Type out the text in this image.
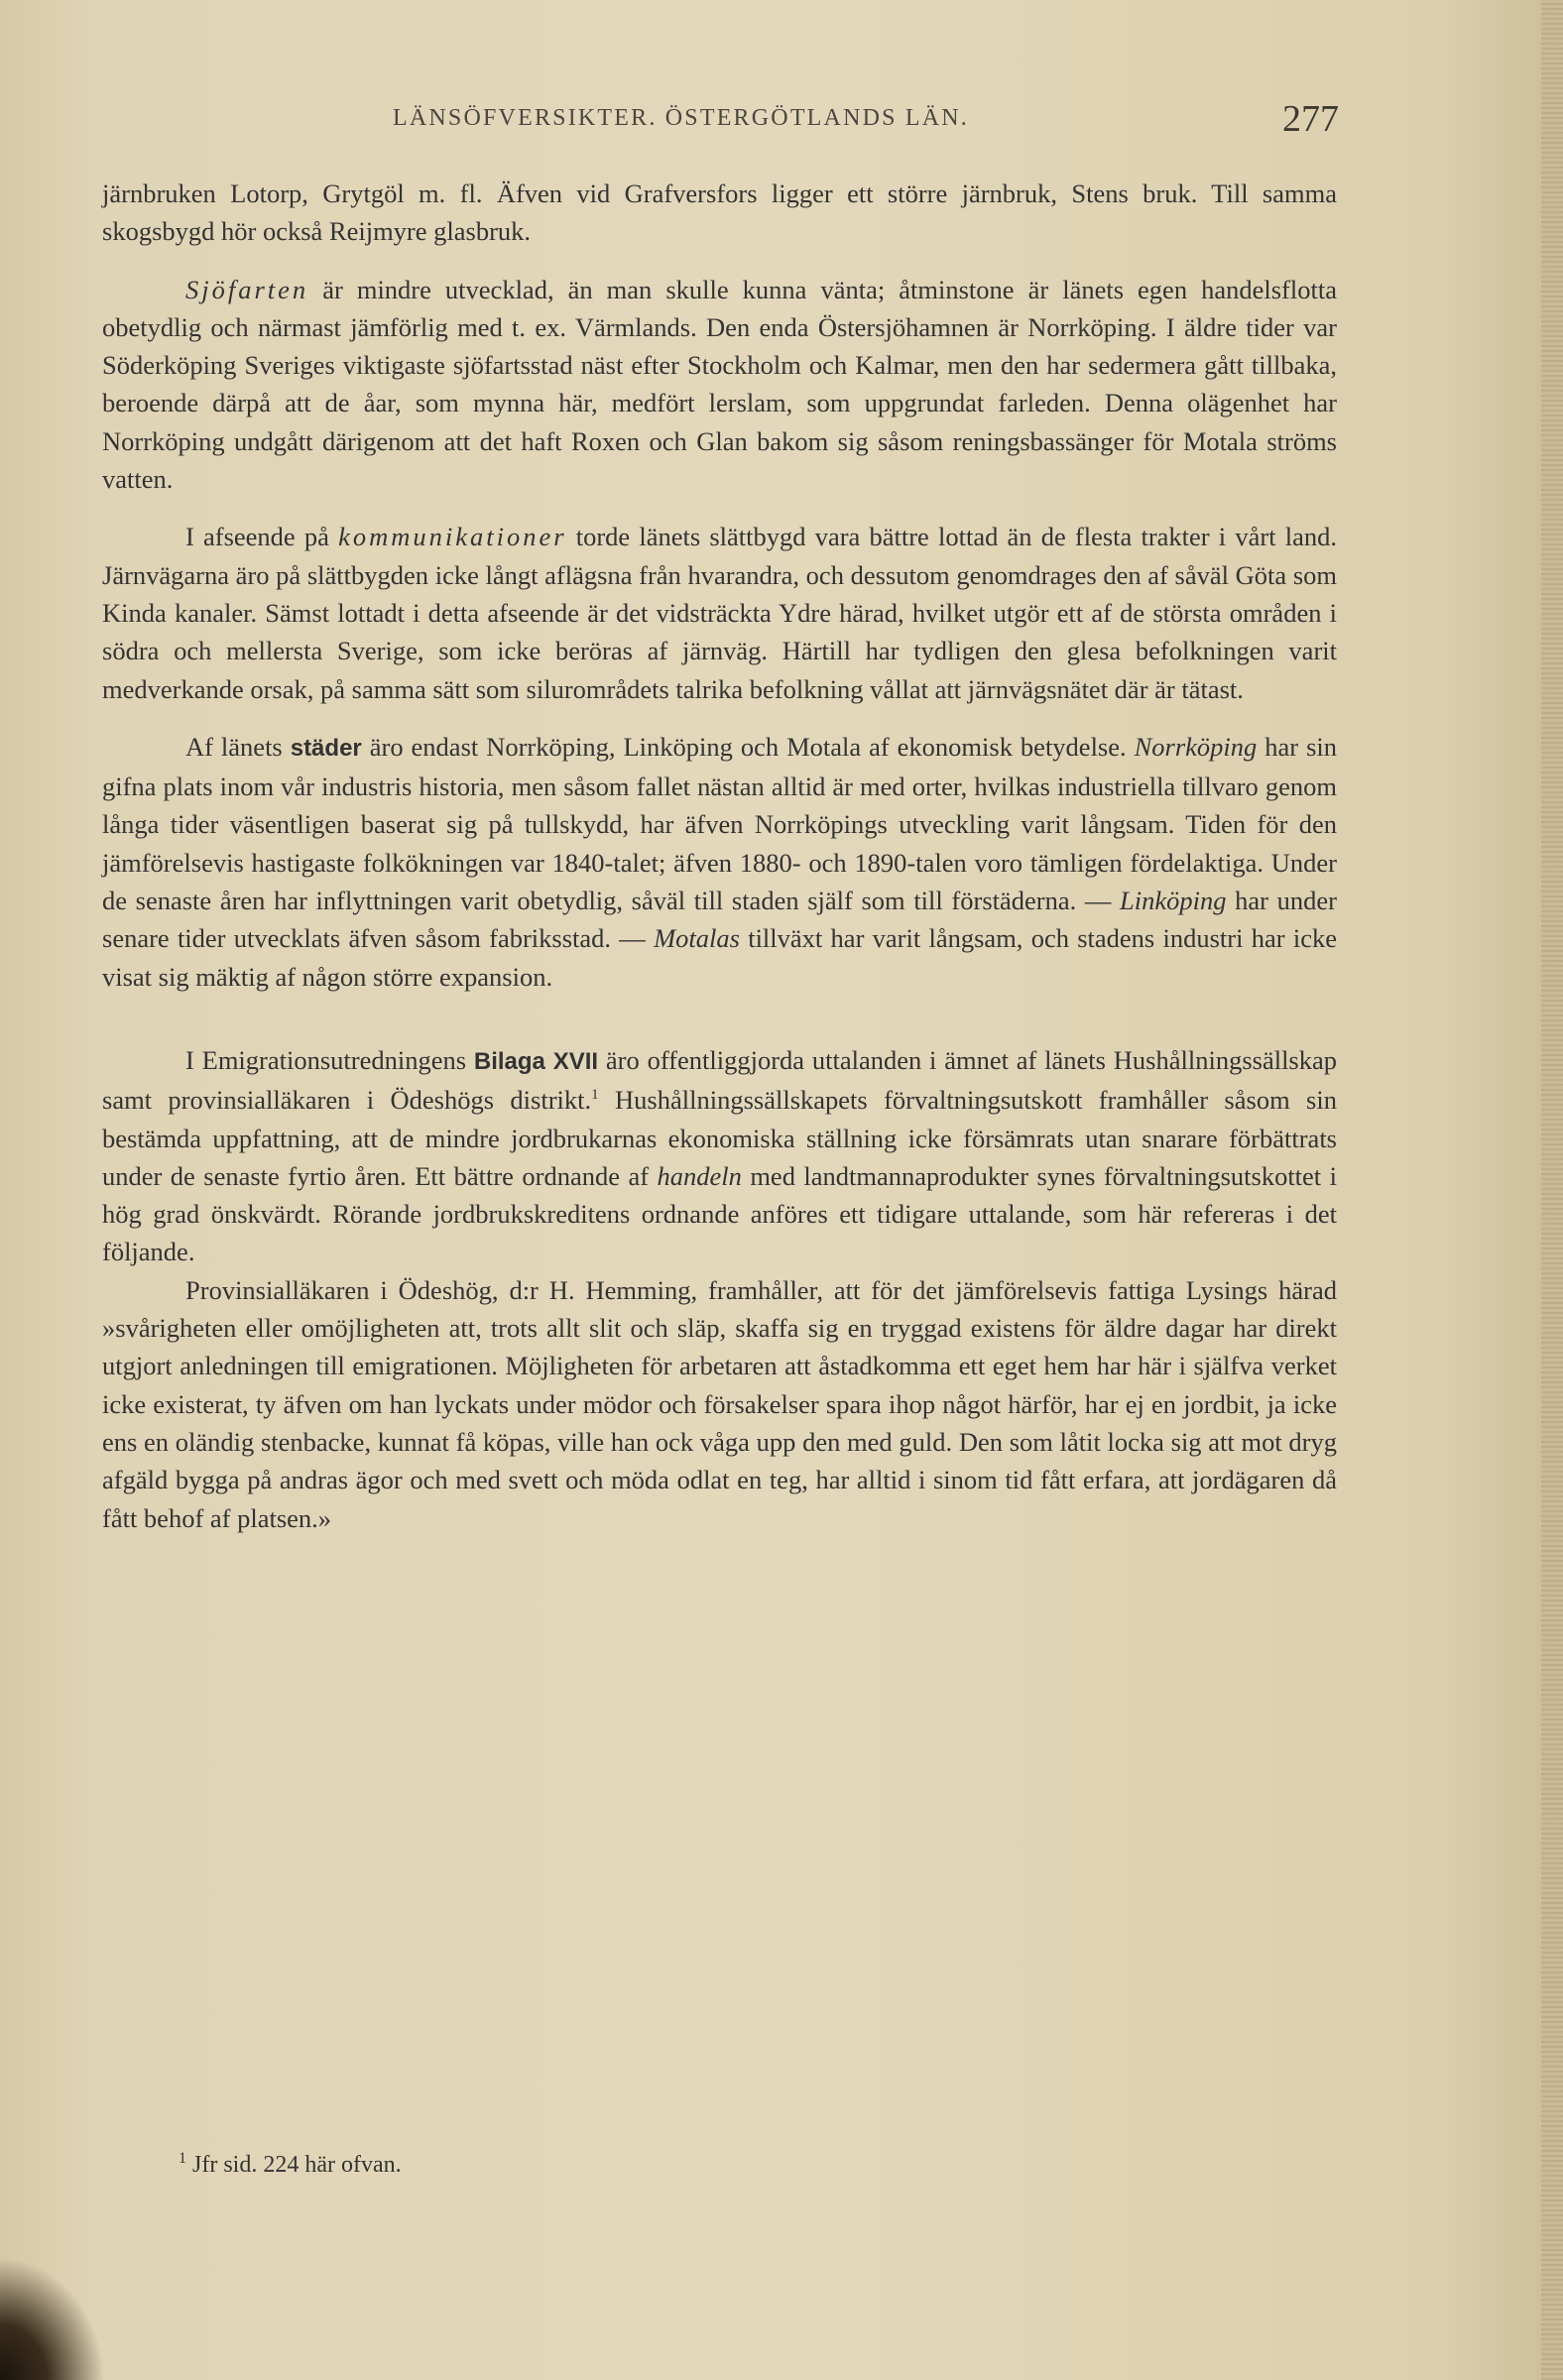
LÄNSÖFVERSIKTER. ÖSTERGÖTLANDS LÄN.	277

järnbruken Lotorp, Grytgöl m. fl. Äfven vid Grafversfors ligger ett större järnbruk, Stens bruk. Till samma skogsbygd hör också Reijmyre glasbruk.

Sjöfarten är mindre utvecklad, än man skulle kunna vänta; åtminstone är länets egen handelsflotta obetydlig och närmast jämförlig med t. ex. Värmlands. Den enda Östersjöhamnen är Norrköping. I äldre tider var Söderköping Sveriges viktigaste sjöfartsstad näst efter Stockholm och Kalmar, men den har sedermera gått tillbaka, beroende därpå att de åar, som mynna här, medfört lerslam, som uppgrundat farleden. Denna olägenhet har Norrköping undgått därigenom att det haft Roxen och Glan bakom sig såsom reningsbassänger för Motala ströms vatten.

I afseende på kommunikationer torde länets slättbygd vara bättre lottad än de flesta trakter i vårt land. Järnvägarna äro på slättbygden icke långt aflägsna från hvarandra, och dessutom genomdrages den af såväl Göta som Kinda kanaler. Sämst lottadt i detta afseende är det vidsträckta Ydre härad, hvilket utgör ett af de största områden i södra och mellersta Sverige, som icke beröras af järnväg. Härtill har tydligen den glesa befolkningen varit medverkande orsak, på samma sätt som silurområdets talrika befolkning vållat att järnvägsnätet där är tätast.

Af länets städer äro endast Norrköping, Linköping och Motala af ekonomisk betydelse. Norrköping har sin gifna plats inom vår industris historia, men såsom fallet nästan alltid är med orter, hvilkas industriella tillvaro genom långa tider väsentligen baserat sig på tullskydd, har äfven Norrköpings utveckling varit långsam. Tiden för den jämförelsevis hastigaste folkökningen var 1840-talet; äfven 1880- och 1890-talen voro tämligen fördelaktiga. Under de senaste åren har inflyttningen varit obetydlig, såväl till staden själf som till förstäderna. — Linköping har under senare tider utvecklats äfven såsom fabriksstad. — Motalas tillväxt har varit långsam, och stadens industri har icke visat sig mäktig af någon större expansion.

I Emigrationsutredningens Bilaga XVII äro offentliggjorda uttalanden i ämnet af länets Hushållningssällskap samt provinsialläkaren i Ödeshögs distrikt.$^1$ Hushållningssällskapets förvaltningsutskott framhåller såsom sin bestämda uppfattning, att de mindre jordbrukarnas ekonomiska ställning icke försämrats utan snarare förbättrats under de senaste fyrtio åren. Ett bättre ordnande af handeln med landtmannaprodukter synes förvaltningsutskottet i hög grad önskvärdt. Rörande jordbrukskreditens ordnande anföres ett tidigare uttalande, som här refereras i det följande.

Provinsialläkaren i Ödeshög, d:r H. Hemming, framhåller, att för det jämförelsevis fattiga Lysings härad »svårigheten eller omöjligheten att, trots allt slit och släp, skaffa sig en tryggad existens för äldre dagar har direkt utgjort anledningen till emigrationen. Möjligheten för arbetaren att åstadkomma ett eget hem har här i själfva verket icke existerat, ty äfven om han lyckats under mödor och försakelser spara ihop något härför, har ej en jordbit, ja icke ens en oländig stenbacke, kunnat få köpas, ville han ock våga upp den med guld. Den som låtit locka sig att mot dryg afgäld bygga på andras ägor och med svett och möda odlat en teg, har alltid i sinom tid fått erfara, att jordägaren då fått behof af platsen.»

$^1$ Jfr sid. 224 här ofvan.
